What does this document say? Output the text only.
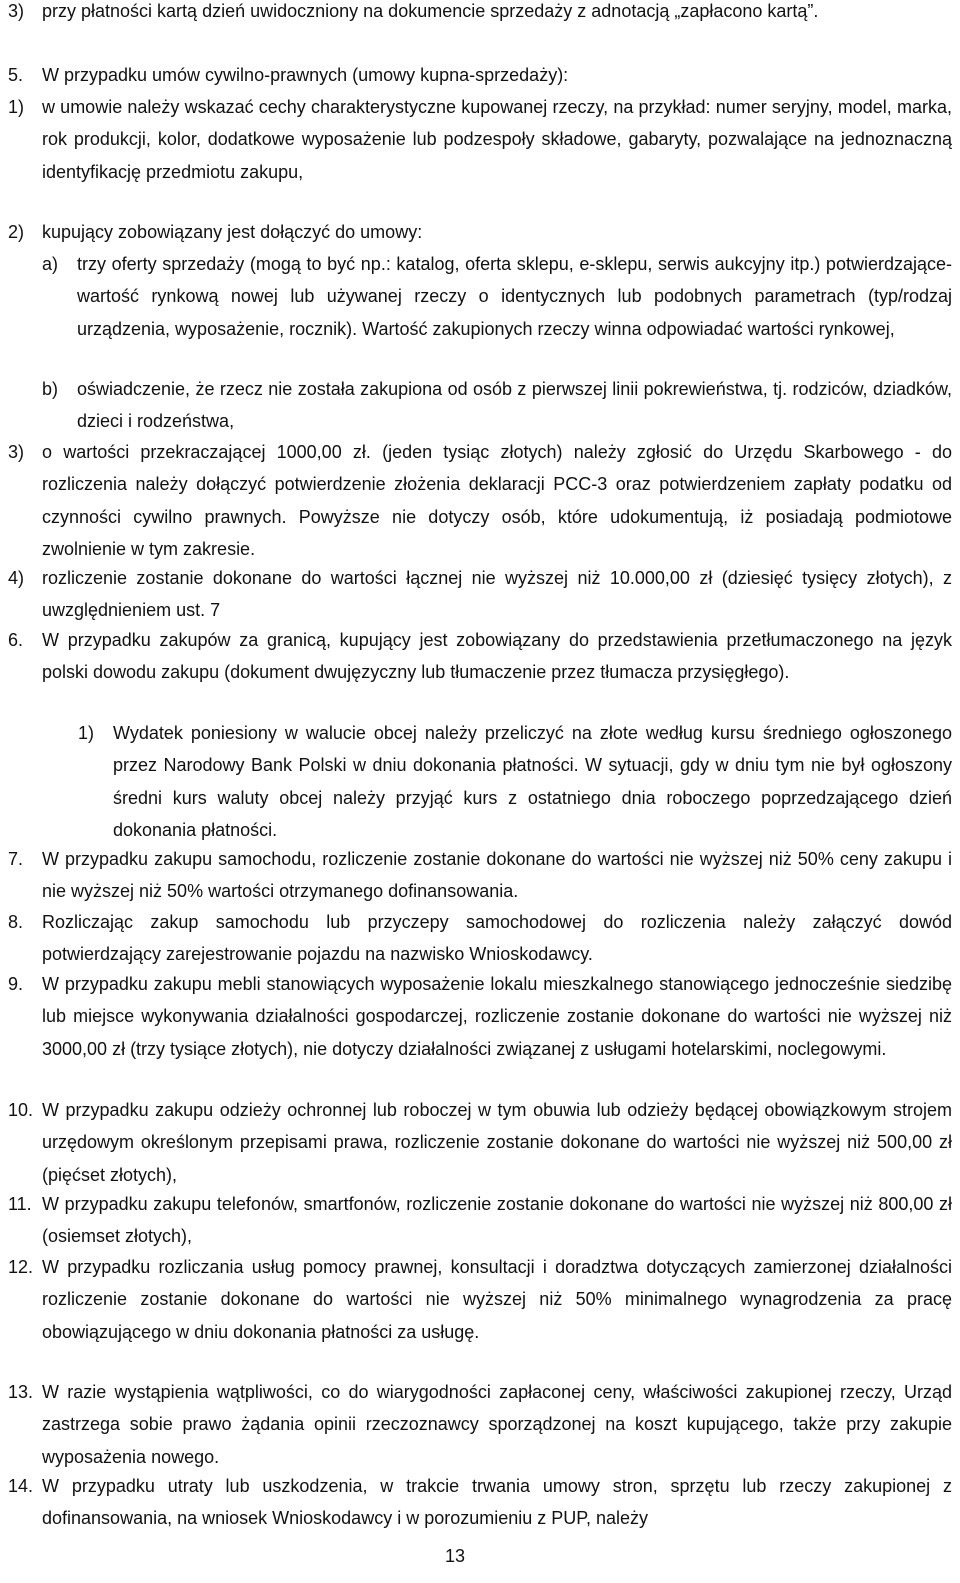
3) przy płatności kartą dzień uwidoczniony na dokumencie sprzedaży z adnotacją „zapłacono kartą”.

5. W przypadku umów cywilno-prawnych (umowy kupna-sprzedaży):

1) w umowie należy wskazać cechy charakterystyczne kupowanej rzeczy, na przykład: numer seryjny, model, marka, rok produkcji, kolor, dodatkowe wyposażenie lub podzespoły składowe, gabaryty, pozwalające na jednoznaczną identyfikację przedmiotu zakupu,

2) kupujący zobowiązany jest dołączyć do umowy:

a) trzy oferty sprzedaży (mogą to być np.: katalog, oferta sklepu, e-sklepu, serwis aukcyjny itp.) potwierdzające-wartość rynkową nowej lub używanej rzeczy o identycznych lub podobnych parametrach (typ/rodzaj urządzenia, wyposażenie, rocznik). Wartość zakupionych rzeczy winna odpowiadać wartości rynkowej,

b) oświadczenie, że rzecz nie została zakupiona od osób z pierwszej linii pokrewieństwa, tj. rodziców, dziadków, dzieci i rodzeństwa,

3) o wartości przekraczającej 1000,00 zł. (jeden tysiąc złotych) należy zgłosić do Urzędu Skarbowego - do rozliczenia należy dołączyć potwierdzenie złożenia deklaracji PCC-3 oraz potwierdzeniem zapłaty podatku od czynności cywilno prawnych. Powyższe nie dotyczy osób, które udokumentują, iż posiadają podmiotowe zwolnienie w tym zakresie.

4) rozliczenie zostanie dokonane do wartości łącznej nie wyższej niż 10.000,00 zł (dziesięć tysięcy złotych), z uwzględnieniem ust. 7

6. W przypadku zakupów za granicą, kupujący jest zobowiązany do przedstawienia przetłumaczonego na język polski dowodu zakupu (dokument dwujęzyczny lub tłumaczenie przez tłumacza przysięgłego).

1) Wydatek poniesiony w walucie obcej należy przeliczyć na złote według kursu średniego ogłoszonego przez Narodowy Bank Polski w dniu dokonania płatności. W sytuacji, gdy w dniu tym nie był ogłoszony średni kurs waluty obcej należy przyjąć kurs z ostatniego dnia roboczego poprzedzającego dzień dokonania płatności.

7. W przypadku zakupu samochodu, rozliczenie zostanie dokonane do wartości nie wyższej niż 50% ceny zakupu i nie wyższej niż 50% wartości otrzymanego dofinansowania.

8. Rozliczając zakup samochodu lub przyczepy samochodowej do rozliczenia należy załączyć dowód potwierdzający zarejestrowanie pojazdu na nazwisko Wnioskodawcy.

9. W przypadku zakupu mebli stanowiących wyposażenie lokalu mieszkalnego stanowiącego jednocześnie siedzibę lub miejsce wykonywania działalności gospodarczej, rozliczenie zostanie dokonane do wartości nie wyższej niż 3000,00 zł (trzy tysiące złotych), nie dotyczy działalności związanej z usługami hotelarskimi, noclegowymi.

10. W przypadku zakupu odzieży ochronnej lub roboczej w tym obuwia lub odzieży będącej obowiązkowym strojem urzędowym określonym przepisami prawa, rozliczenie zostanie dokonane do wartości nie wyższej niż 500,00 zł (pięćset złotych),

11. W przypadku zakupu telefonów, smartfonów, rozliczenie zostanie dokonane do wartości nie wyższej niż 800,00 zł (osiemset złotych),

12. W przypadku rozliczania usług pomocy prawnej, konsultacji i doradztwa dotyczących zamierzonej działalności rozliczenie zostanie dokonane do wartości nie wyższej niż 50% minimalnego wynagrodzenia za pracę obowiązującego w dniu dokonania płatności za usługę.

13. W razie wystąpienia wątpliwości, co do wiarygodności zapłaconej ceny, właściwości zakupionej rzeczy, Urząd zastrzega sobie prawo żądania opinii rzeczoznawcy sporządzonej na koszt kupującego, także przy zakupie wyposażenia nowego.

14. W przypadku utraty lub uszkodzenia, w trakcie trwania umowy stron, sprzętu lub rzeczy zakupionej z dofinansowania, na wniosek Wnioskodawcy i w porozumieniu z PUP, należy

13
